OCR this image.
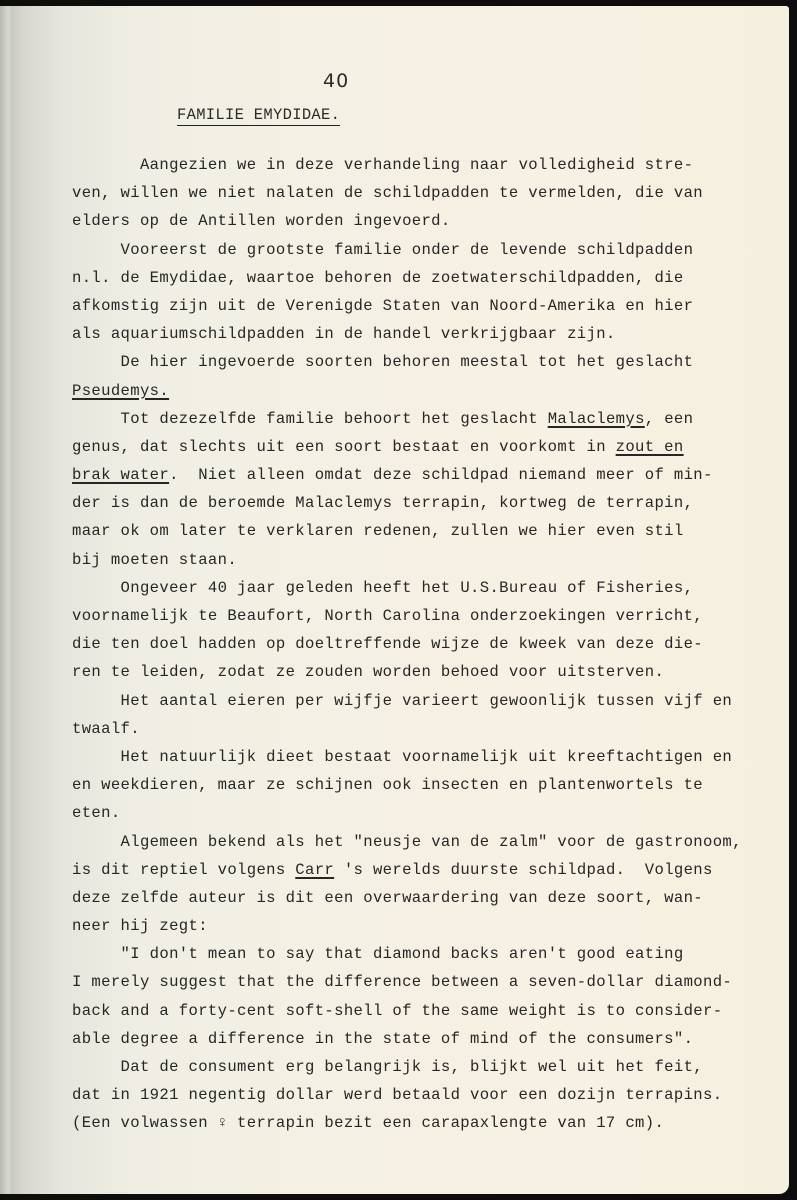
40
FAMILIE EMYDIDAE.
Aangezien we in deze verhandeling naar volledigheid stre-
ven, willen we niet nalaten de schildpadden te vermelden, die van
elders op de Antillen worden ingevoerd.
Vooreerst de grootste familie onder de levende schildpadden
n.l. de Emydidae, waartoe behoren de zoetwaterschildpadden, die
afkomstig zijn uit de Verenigde Staten van Noord-Amerika en hier
als aquariumschildpadden in de handel verkrijgbaar zijn.
De hier ingevoerde soorten behoren meestal tot het geslacht
Pseudemys.
Tot dezezelfde familie behoort het geslacht Malaclemys, een
genus, dat slechts uit een soort bestaat en voorkomt in zout en
brak water.  Niet alleen omdat deze schildpad niemand meer of min-
der is dan de beroemde Malaclemys terrapin, kortweg de terrapin,
maar ok om later te verklaren redenen, zullen we hier even stil
bij moeten staan.
Ongeveer 40 jaar geleden heeft het U.S.Bureau of Fisheries,
voornamelijk te Beaufort, North Carolina onderzoekingen verricht,
die ten doel hadden op doeltreffende wijze de kweek van deze die-
ren te leiden, zodat ze zouden worden behoed voor uitsterven.
Het aantal eieren per wijfje varieert gewoonlijk tussen vijf en
twaalf.
Het natuurlijk dieet bestaat voornamelijk uit kreeftachtigen en
en weekdieren, maar ze schijnen ook insecten en plantenwortels te
eten.
Algemeen bekend als het "neusje van de zalm" voor de gastronoom,
is dit reptiel volgens Carr 's werelds duurste schildpad.  Volgens
deze zelfde auteur is dit een overwaardering van deze soort, wan-
neer hij zegt:
"I don't mean to say that diamond backs aren't good eating
I merely suggest that the difference between a seven-dollar diamond-
back and a forty-cent soft-shell of the same weight is to consider-
able degree a difference in the state of mind of the consumers".
Dat de consument erg belangrijk is, blijkt wel uit het feit,
dat in 1921 negentig dollar werd betaald voor een dozijn terrapins.
(Een volwassen ♀ terrapin bezit een carapaxlengte van 17 cm).
